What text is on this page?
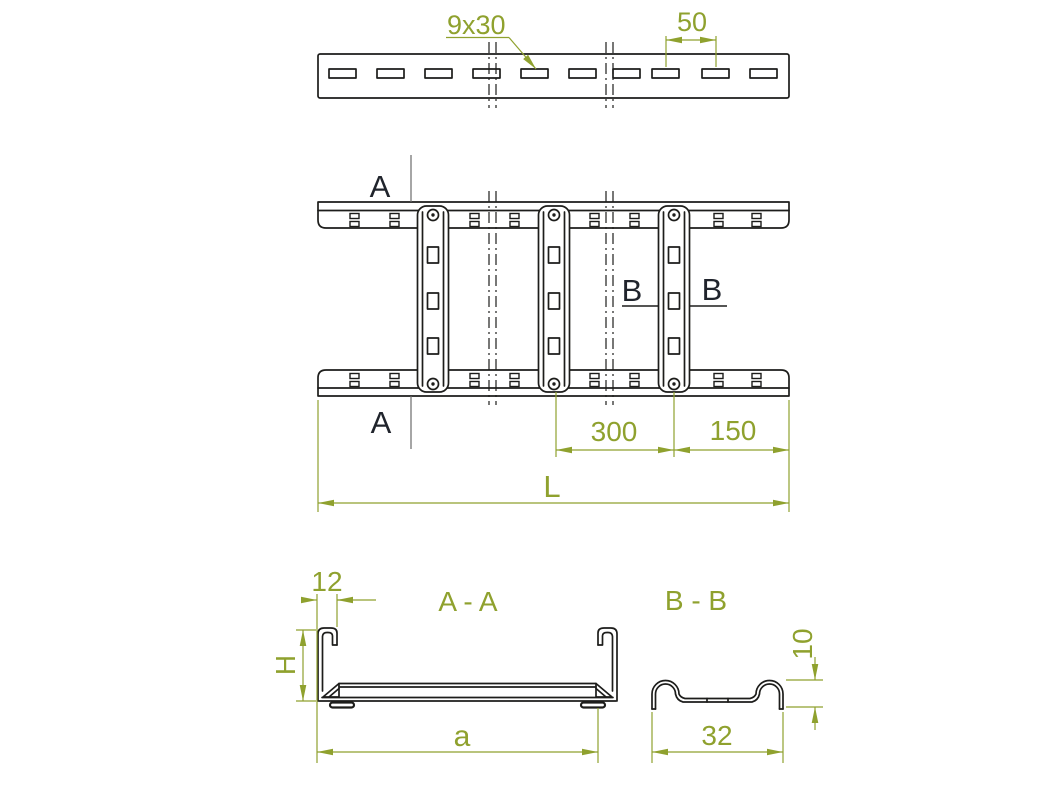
9x30	50
A
A
B B
300	150
L
A - A
12
H
a
B - B
10
32
